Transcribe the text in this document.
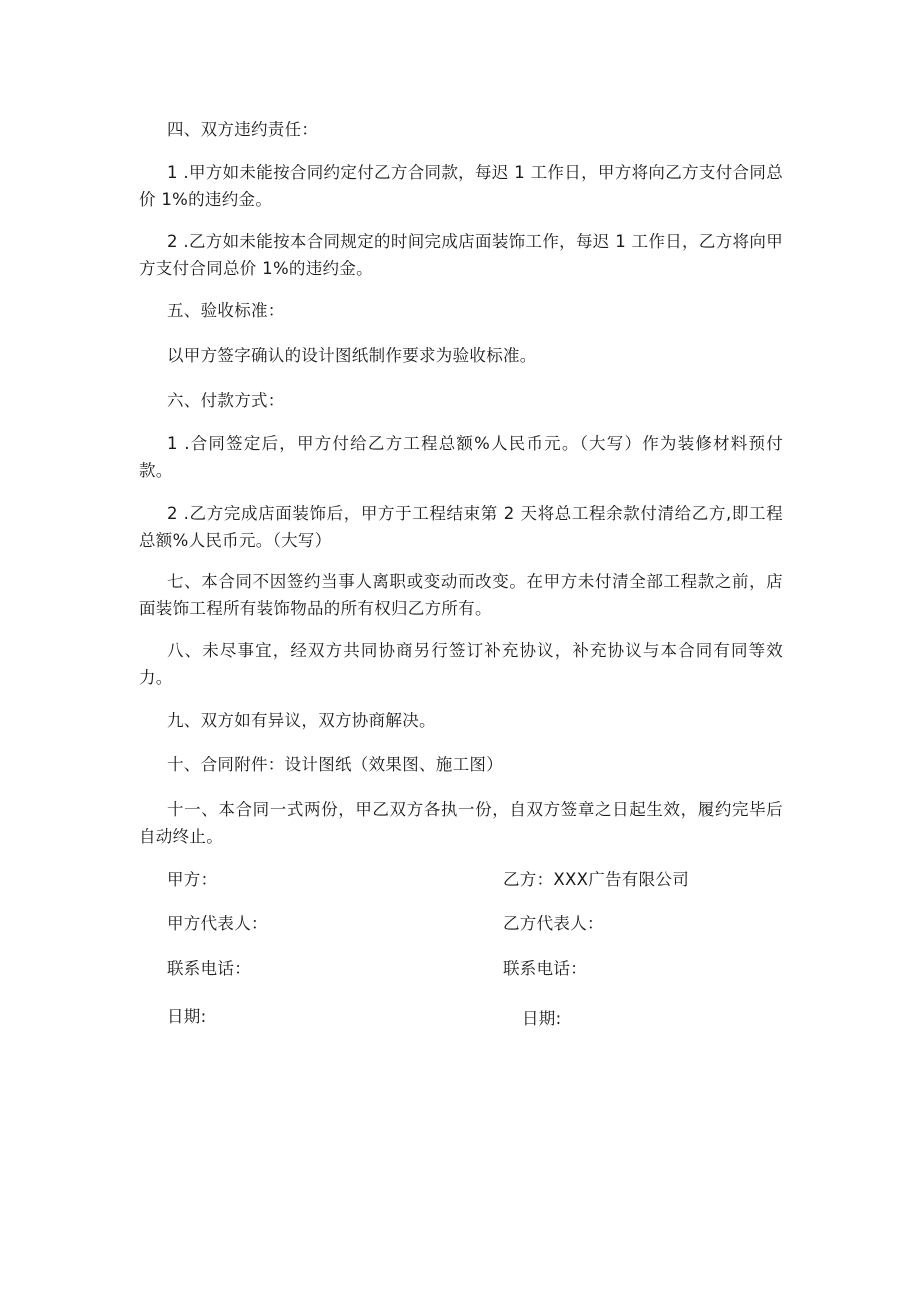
四、双方违约责任：

1 .甲方如未能按合同约定付乙方合同款，每迟 1 工作日，甲方将向乙方支付合同总价 1%的违约金。

2 .乙方如未能按本合同规定的时间完成店面装饰工作，每迟 1 工作日，乙方将向甲方支付合同总价 1%的违约金。

五、验收标准：

以甲方签字确认的设计图纸制作要求为验收标准。

六、付款方式：

1 .合同签定后，甲方付给乙方工程总额%人民币元。（大写）作为装修材料预付款。

2 .乙方完成店面装饰后，甲方于工程结束第 2 天将总工程余款付清给乙方,即工程总额%人民币元。（大写）

七、本合同不因签约当事人离职或变动而改变。在甲方未付清全部工程款之前，店面装饰工程所有装饰物品的所有权归乙方所有。

八、未尽事宜，经双方共同协商另行签订补充协议，补充协议与本合同有同等效力。

九、双方如有异议，双方协商解决。

十、合同附件：设计图纸（效果图、施工图）

十一、本合同一式两份，甲乙双方各执一份，自双方签章之日起生效，履约完毕后自动终止。

甲方：	乙方：XXX广告有限公司

甲方代表人：	乙方代表人：

联系电话：	联系电话：

日期:	日期:
